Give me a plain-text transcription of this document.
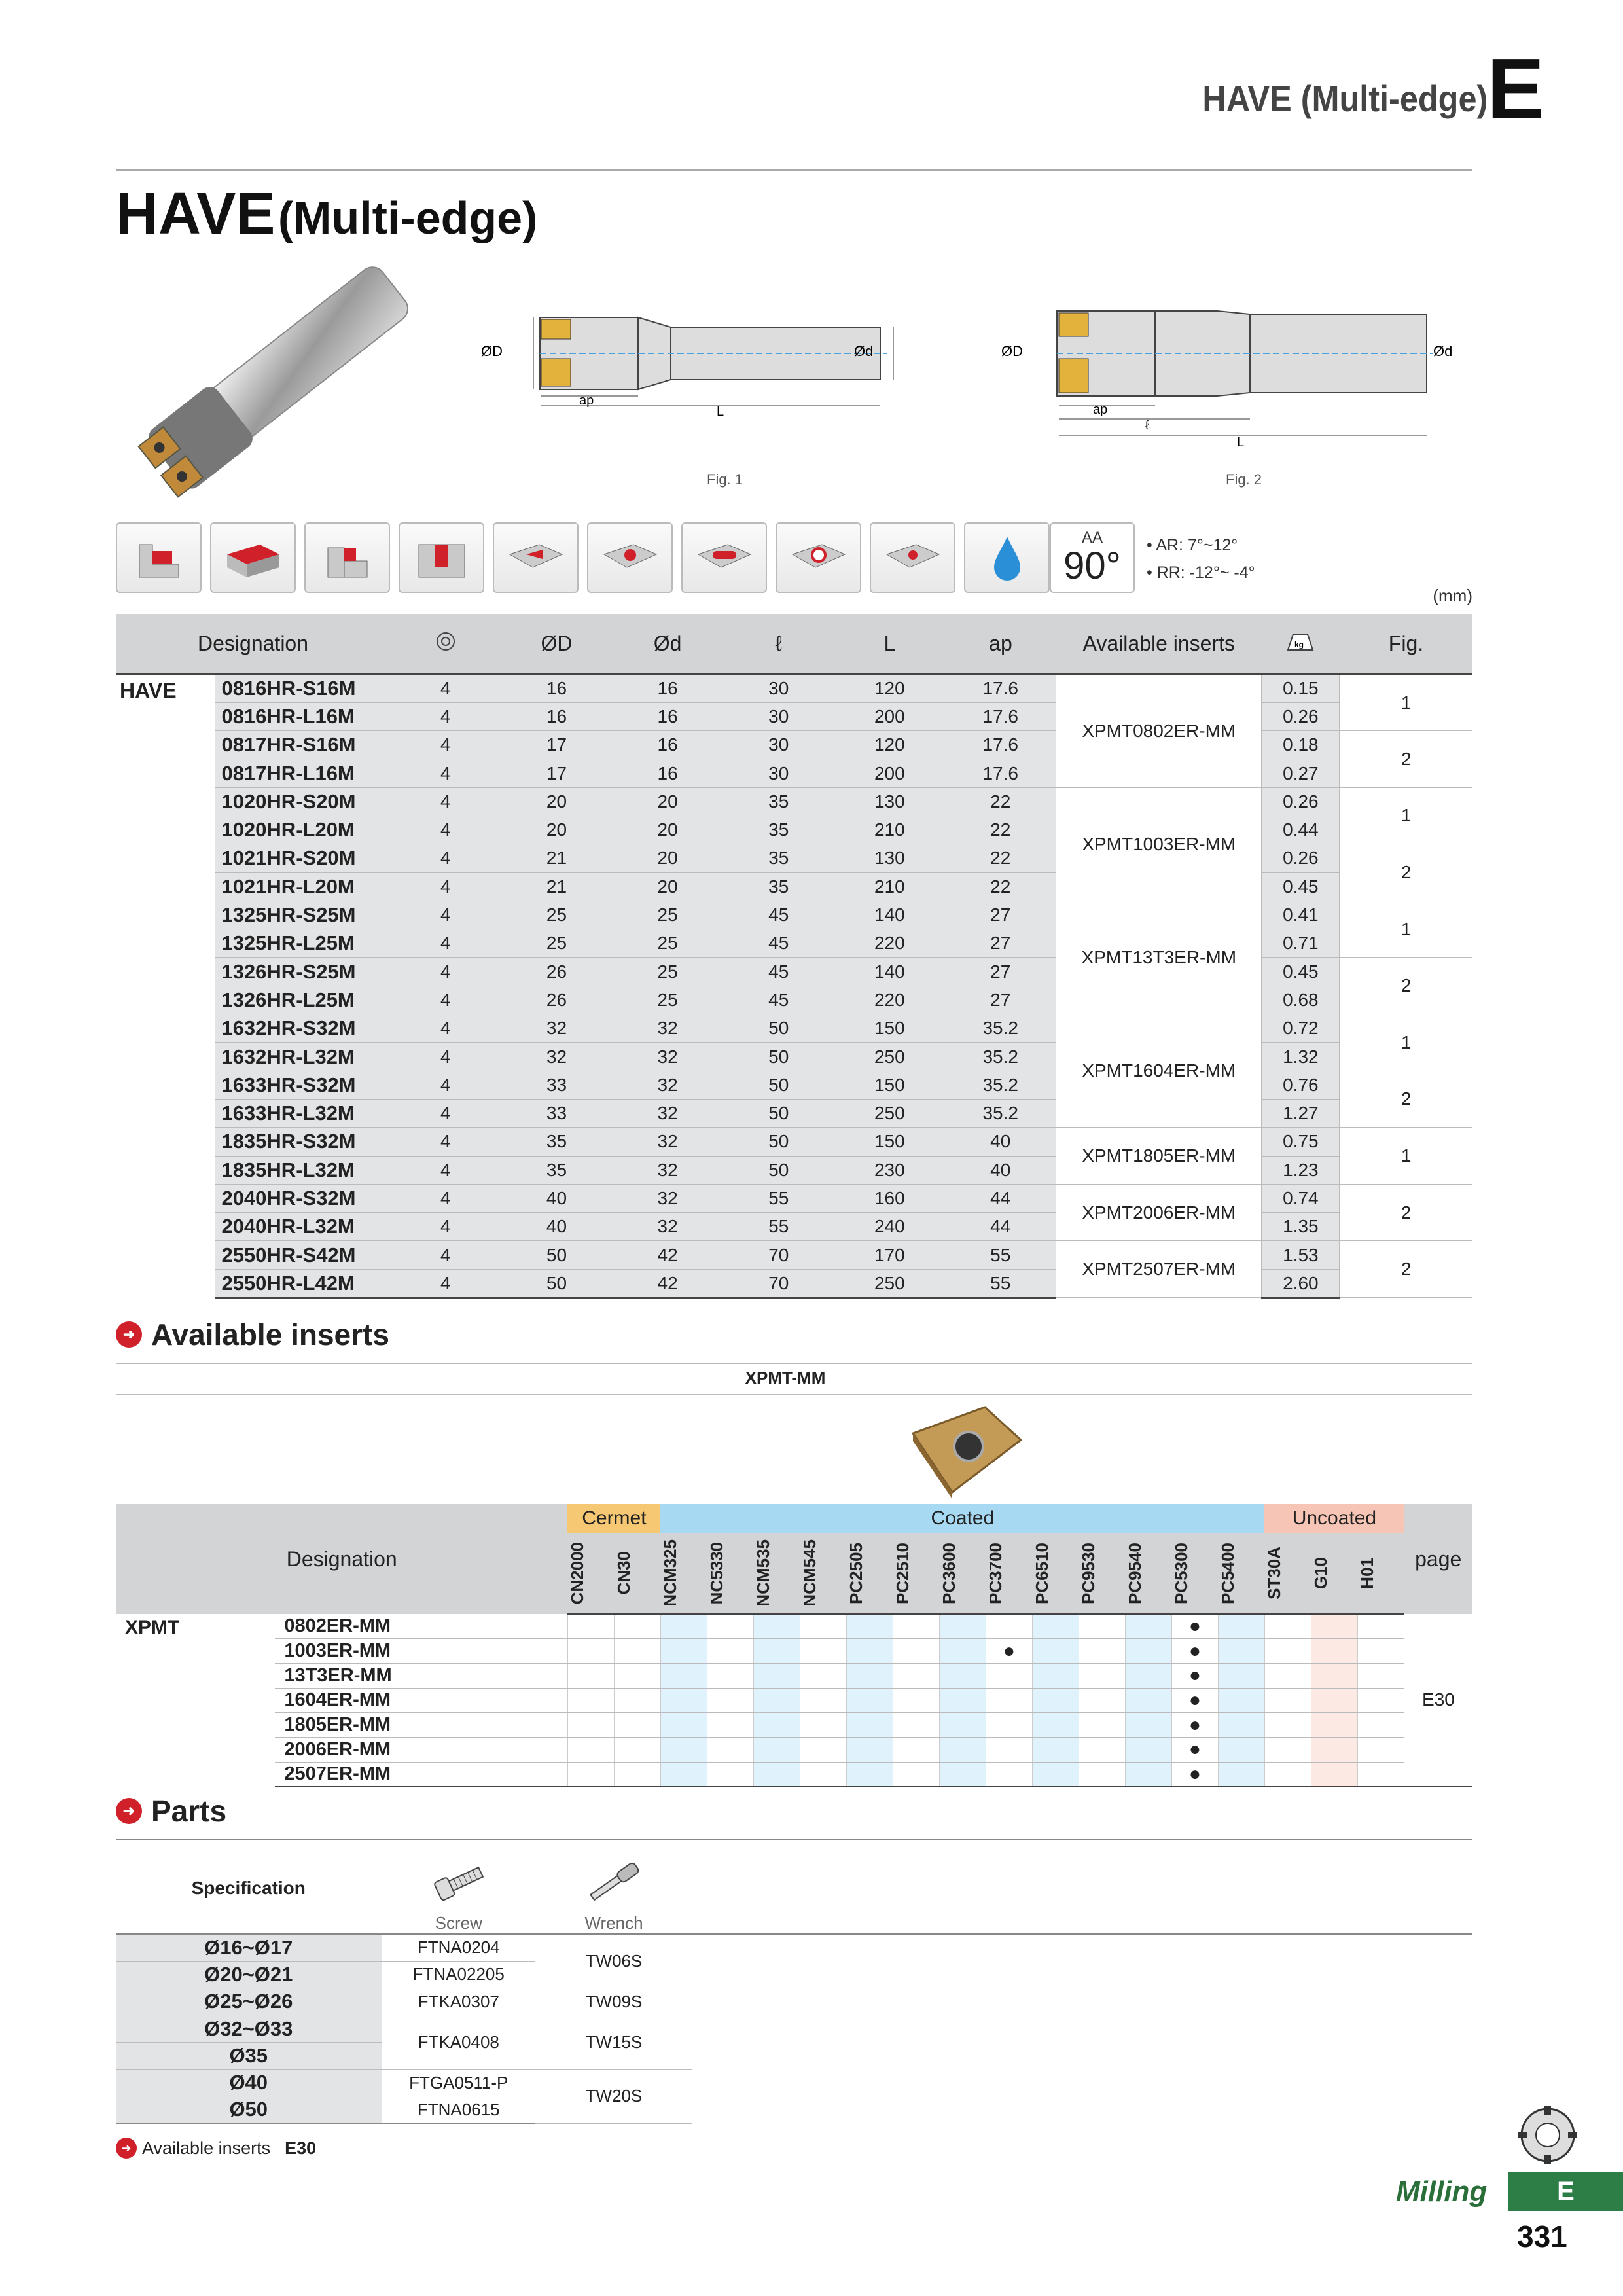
HAVE (Multi-edge)
E
HAVE (Multi-edge)
ØD	Ød
ap
L
Fig. 1
ØD	Ød
ap
ℓ
L
Fig. 2
AA
90°	• AR: 7°~12°
• RR: -12°~ -4°
(mm)
Designation			ØD	Ød	ℓ	L	ap	Available inserts	kg	Fig.
HAVE	0816HR-S16M	4	16	16	30	120	17.6	XPMT0802ER-MM	0.15	1
	0816HR-L16M	4	16	16	30	200	17.6		0.26	
	0817HR-S16M	4	17	16	30	120	17.6		0.18	2
	0817HR-L16M	4	17	16	30	200	17.6		0.27	
	1020HR-S20M	4	20	20	35	130	22	XPMT1003ER-MM	0.26	1
	1020HR-L20M	4	20	20	35	210	22		0.44	
	1021HR-S20M	4	21	20	35	130	22		0.26	2
	1021HR-L20M	4	21	20	35	210	22		0.45	
	1325HR-S25M	4	25	25	45	140	27	XPMT13T3ER-MM	0.41	1
	1325HR-L25M	4	25	25	45	220	27		0.71	
	1326HR-S25M	4	26	25	45	140	27		0.45	2
	1326HR-L25M	4	26	25	45	220	27		0.68	
	1632HR-S32M	4	32	32	50	150	35.2	XPMT1604ER-MM	0.72	1
	1632HR-L32M	4	32	32	50	250	35.2		1.32	
	1633HR-S32M	4	33	32	50	150	35.2		0.76	2
	1633HR-L32M	4	33	32	50	250	35.2		1.27	
	1835HR-S32M	4	35	32	50	150	40	XPMT1805ER-MM	0.75	1
	1835HR-L32M	4	35	32	50	230	40		1.23	
	2040HR-S32M	4	40	32	55	160	44	XPMT2006ER-MM	0.74	2
	2040HR-L32M	4	40	32	55	240	44		1.35	
	2550HR-S42M	4	50	42	70	170	55	XPMT2507ER-MM	1.53	2
	2550HR-L42M	4	50	42	70	250	55		2.60	
➜ Available inserts
XPMT-MM
Designation		Cermet		Coated													Uncoated			page

		CN2000	CN30	NCM325	NC5330	NCM535	NCM545	PC2505	PC2510	PC3600	PC3700	PC6510	PC9530	PC9540	PC5300	PC5400	ST30A	G10	H01	

XPMT	0802ER-MM														●					E30
	1003ER-MM										●				●					
	13T3ER-MM														●					
	1604ER-MM														●					
	1805ER-MM														●					
	2006ER-MM														●					
	2507ER-MM														●					
➜ Parts
Specification	Screw	Wrench	
Ø16~Ø17	FTNA0204	TW06S	
Ø20~Ø21	FTNA02205		
Ø25~Ø26	FTKA0307	TW09S	
Ø32~Ø33	FTKA0408	TW15S	
Ø35			
Ø40	FTGA0511-P	TW20S	
Ø50	FTNA0615		
➜ Available inserts E30
Milling	E
331
